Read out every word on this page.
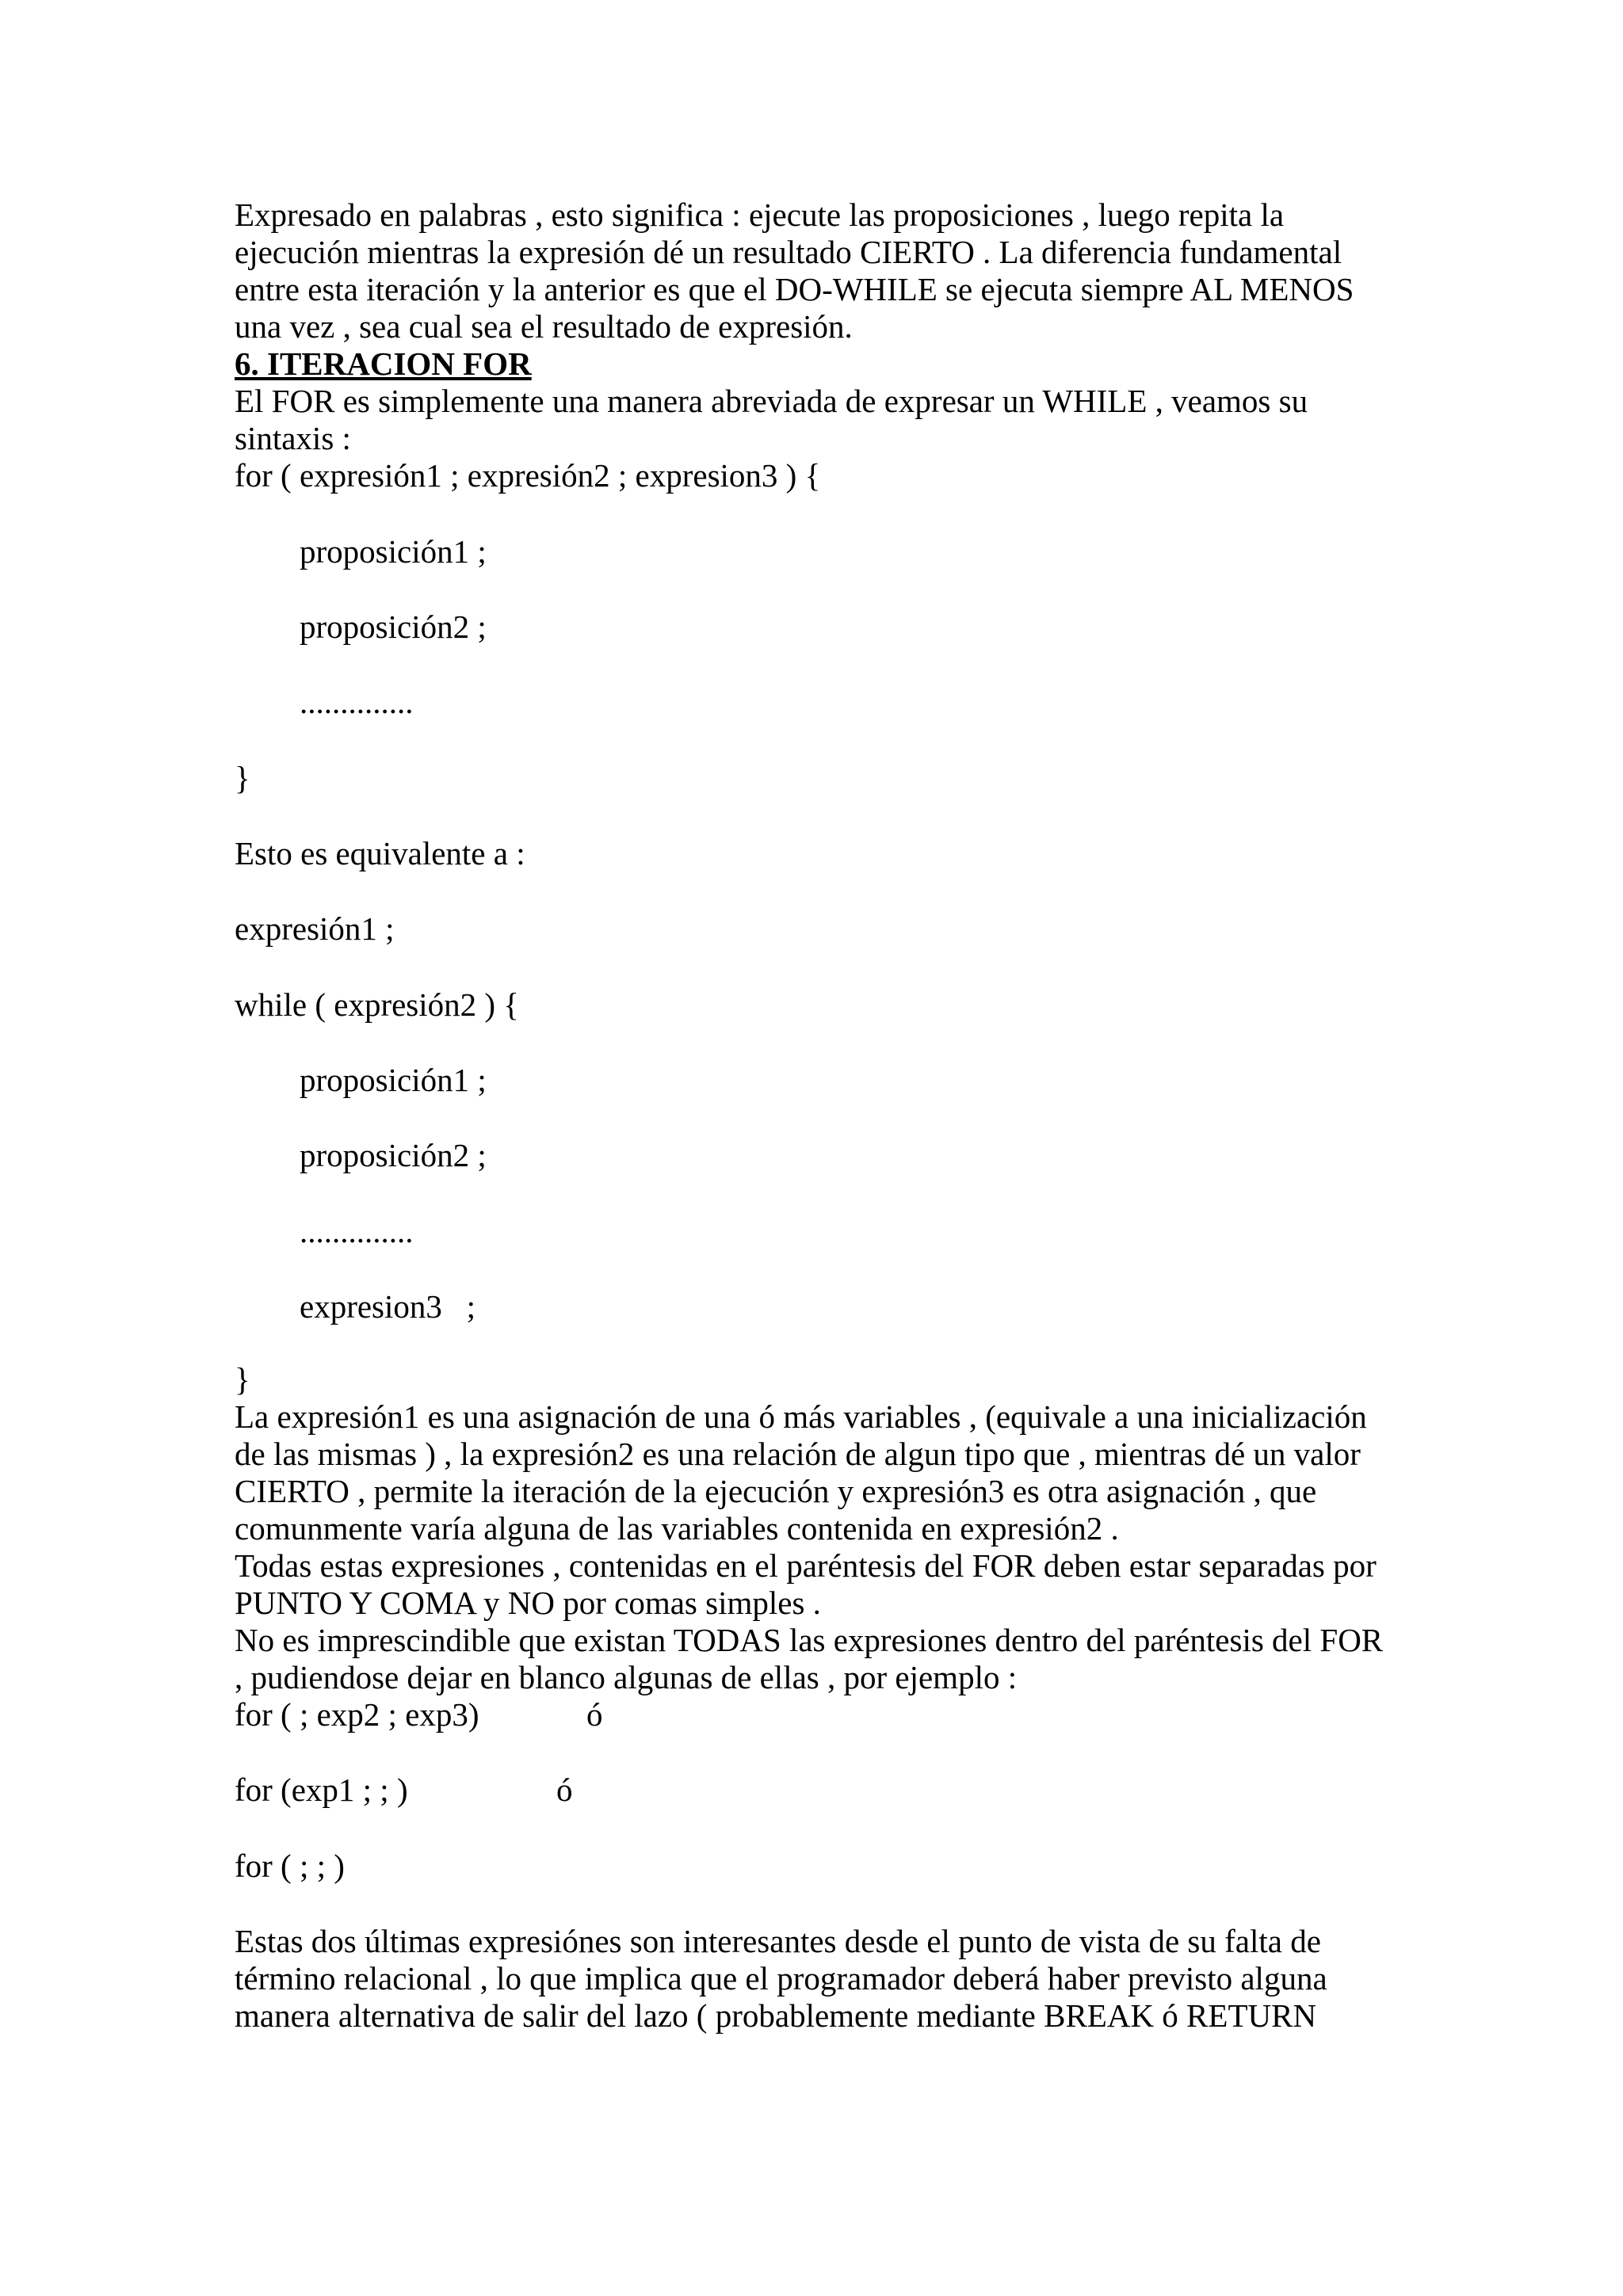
Expresado en palabras , esto significa : ejecute las proposiciones , luego repita la

ejecución mientras la expresión dé un resultado CIERTO . La diferencia fundamental

entre esta iteración y la anterior es que el DO-WHILE se ejecuta siempre AL MENOS

una vez , sea cual sea el resultado de expresión.

6. ITERACION FOR

El FOR es simplemente una manera abreviada de expresar un WHILE , veamos su

sintaxis :

for ( expresión1 ; expresión2 ; expresion3 ) {

proposición1 ;

proposición2 ;

..............

}

Esto es equivalente a :

expresión1 ;

while ( expresión2 ) {

proposición1 ;

proposición2 ;

..............

expresion3   ;

}

La expresión1 es una asignación de una ó más variables , (equivale a una inicialización

de las mismas ) , la expresión2 es una relación de algun tipo que , mientras dé un valor

CIERTO , permite la iteración de la ejecución y expresión3 es otra asignación , que

comunmente varía alguna de las variables contenida en expresión2 .

Todas estas expresiones , contenidas en el paréntesis del FOR deben estar separadas por

PUNTO Y COMA y NO por comas simples .

No es imprescindible que existan TODAS las expresiones dentro del paréntesis del FOR

, pudiendose dejar en blanco algunas de ellas , por ejemplo :

for ( ; exp2 ; exp3)	ó

for (exp1 ; ; )	ó

for ( ; ; )

Estas dos últimas expresiónes son interesantes desde el punto de vista de su falta de

término relacional , lo que implica que el programador deberá haber previsto alguna

manera alternativa de salir del lazo ( probablemente mediante BREAK ó RETURN
